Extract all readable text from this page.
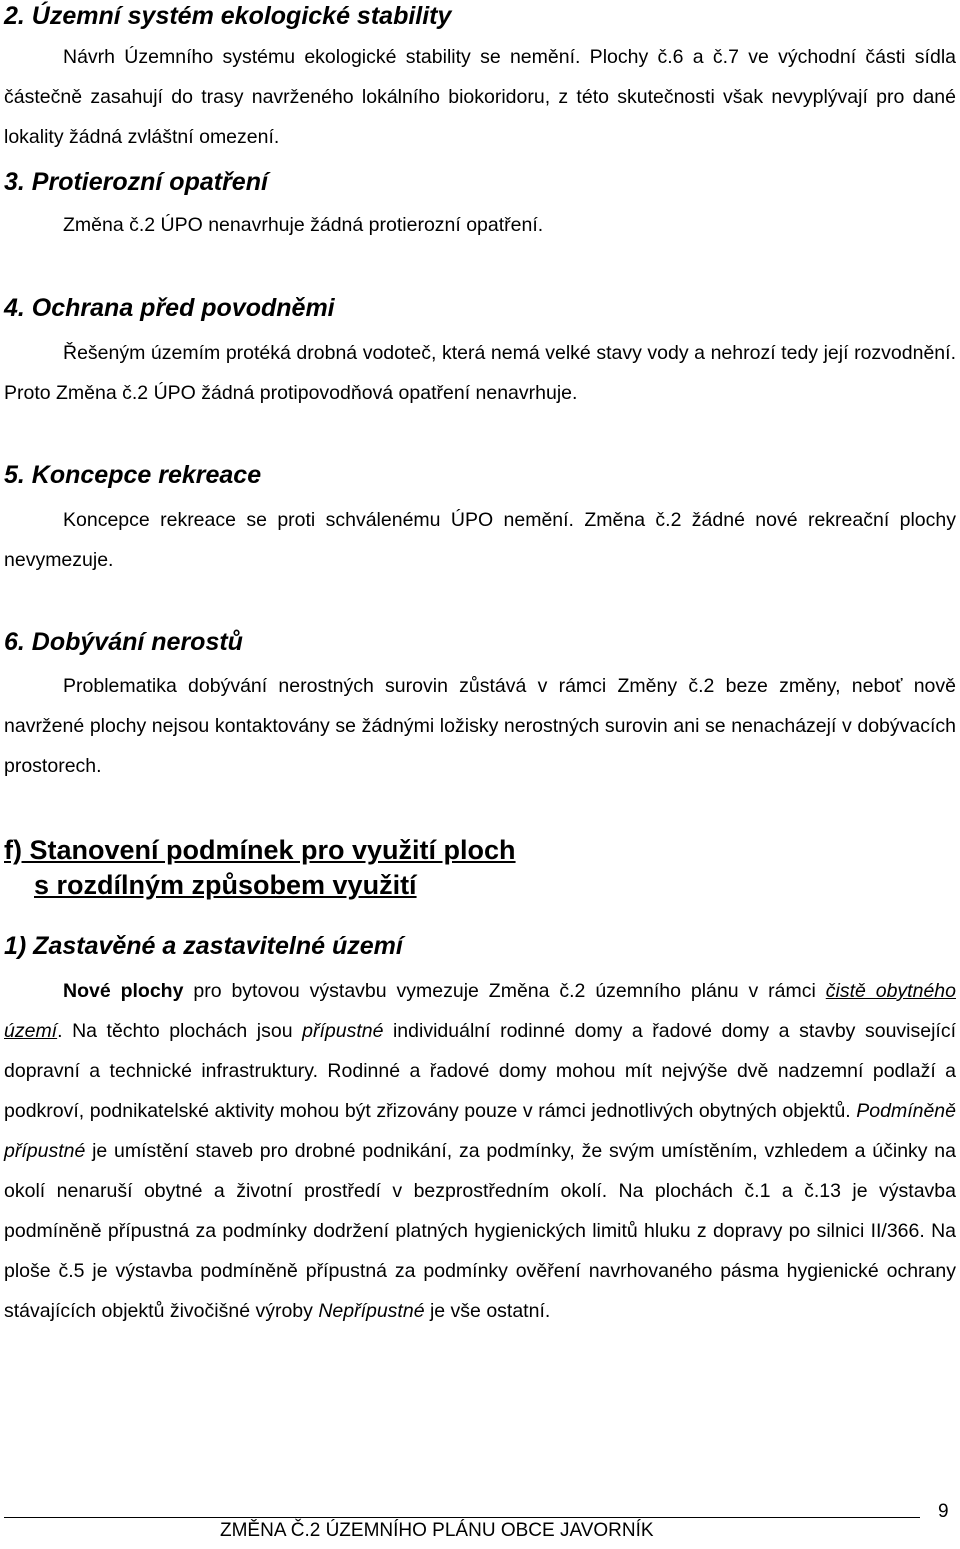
2. Územní systém ekologické stability

Návrh Územního systému ekologické stability se nemění. Plochy č.6 a č.7 ve východní části sídla částečně zasahují do trasy navrženého lokálního biokoridoru, z této skutečnosti však nevyplývají pro dané lokality žádná zvláštní omezení.

3. Protierozní opatření

Změna č.2 ÚPO nenavrhuje žádná protierozní opatření.

4. Ochrana před povodněmi

Řešeným územím protéká drobná vodoteč, která nemá velké stavy vody a nehrozí tedy její rozvodnění. Proto Změna č.2 ÚPO žádná protipovodňová opatření nenavrhuje.

5. Koncepce rekreace

Koncepce rekreace se proti schválenému ÚPO nemění. Změna č.2 žádné nové rekreační plochy nevymezuje.

6. Dobývání nerostů

Problematika dobývání nerostných surovin zůstává v rámci Změny č.2 beze změny, neboť nově navržené plochy nejsou kontaktovány se žádnými ložisky nerostných surovin ani se nenacházejí v dobývacích prostorech.

f) Stanovení podmínek pro využití ploch
s rozdílným způsobem využití
1) Zastavěné a zastavitelné území

Nové plochy pro bytovou výstavbu vymezuje Změna č.2 územního plánu v rámci čistě obytného území. Na těchto plochách jsou přípustné individuální rodinné domy a řadové domy a stavby související dopravní a technické infrastruktury. Rodinné a řadové domy mohou mít nejvýše dvě nadzemní podlaží a podkroví, podnikatelské aktivity mohou být zřizovány pouze v rámci jednotlivých obytných objektů. Podmíněně přípustné je umístění staveb pro drobné podnikání, za podmínky, že svým umístěním, vzhledem a účinky na okolí nenaruší obytné a životní prostředí v bezprostředním okolí. Na plochách č.1 a č.13 je výstavba podmíněně přípustná za podmínky dodržení platných hygienických limitů hluku z dopravy po silnici II/366. Na ploše č.5 je výstavba podmíněně přípustná za podmínky ověření navrhovaného pásma hygienické ochrany stávajících objektů živočišné výroby Nepřípustné je vše ostatní.

ZMĚNA Č.2 ÚZEMNÍHO PLÁNU OBCE JAVORNÍK
9
